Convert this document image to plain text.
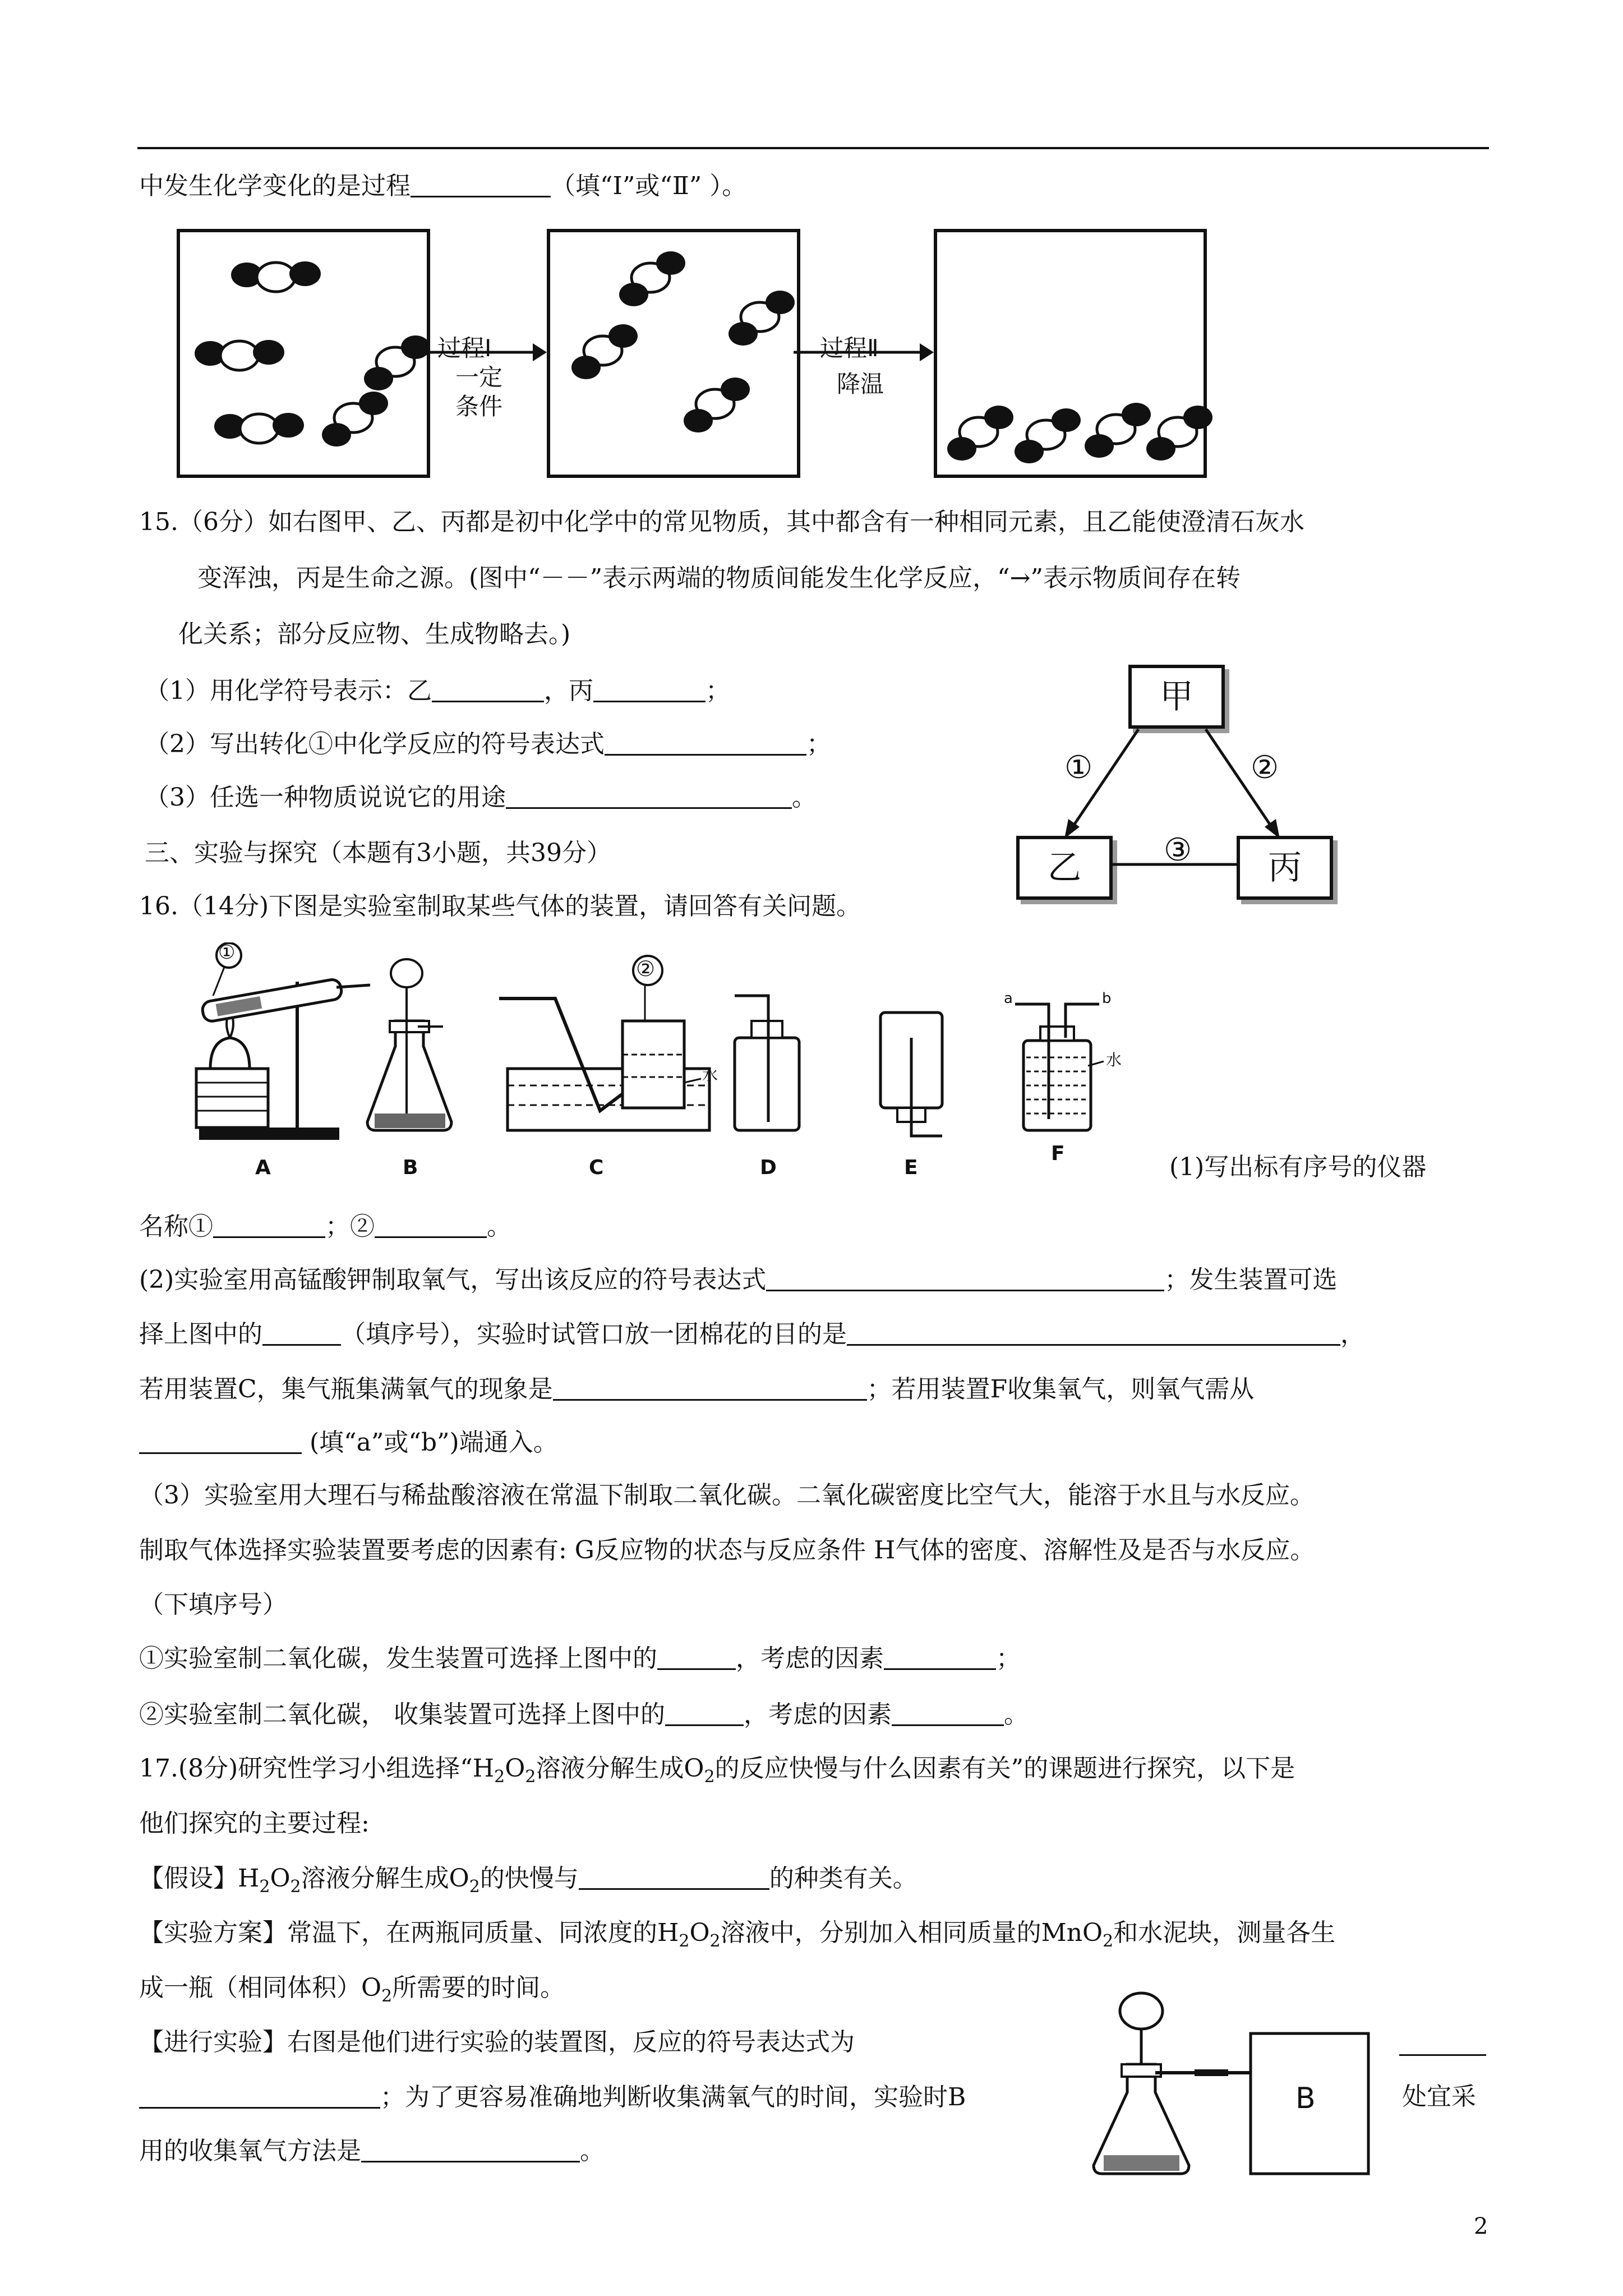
中发生化学变化的是过程	（填“Ⅰ”或“Ⅱ” ）。
过程Ⅰ
一定
条件
过程Ⅱ
降温
15.（6分）如右图甲、乙、丙都是初中化学中的常见物质，其中都含有一种相同元素，且乙能使澄清石灰水
变浑浊，丙是生命之源。(图中“－－”表示两端的物质间能发生化学反应，“→”表示物质间存在转
化关系；部分反应物、生成物略去。)
（1）用化学符号表示：乙	，丙	；
（2）写出转化①中化学反应的符号表达式	；
（3）任选一种物质说说它的用途	。
甲
乙	丙
①	②
③
三、实验与探究（本题有3小题，共39分）
16.（14分)下图是实验室制取某些气体的装置，请回答有关问题。
①
②
水
水
a	b
A	B	C	D	E
F	(1)写出标有序号的仪器
名称①	；②	。
(2)实验室用高锰酸钾制取氧气，写出该反应的符号表达式	；发生装置可选
择上图中的	（填序号），实验时试管口放一团棉花的目的是	，
若用装置C，集气瓶集满氧气的现象是	；若用装置F收集氧气，则氧气需从
(填“a”或“b”)端通入。
（3）实验室用大理石与稀盐酸溶液在常温下制取二氧化碳。二氧化碳密度比空气大，能溶于水且与水反应。
制取气体选择实验装置要考虑的因素有: G反应物的状态与反应条件 H气体的密度、溶解性及是否与水反应。
（下填序号）
①实验室制二氧化碳，发生装置可选择上图中的	，考虑的因素	；
②实验室制二氧化碳， 收集装置可选择上图中的	，考虑的因素	。
17.(8分)研究性学习小组选择“$H_2O_2$溶液分解生成$O_2$的反应快慢与什么因素有关”的课题进行探究，以下是
他们探究的主要过程:
【假设】$H_2O_2$溶液分解生成$O_2$的快慢与	的种类有关。
【实验方案】常温下，在两瓶同质量、同浓度的$H_2O_2$溶液中，分别加入相同质量的MnO$_2$和水泥块，测量各生
成一瓶（相同体积）$O_2$所需要的时间。
【进行实验】右图是他们进行实验的装置图，反应的符号表达式为
；为了更容易准确地判断收集满氧气的时间，实验时B	处宜采
用的收集氧气方法是	。
B
2
